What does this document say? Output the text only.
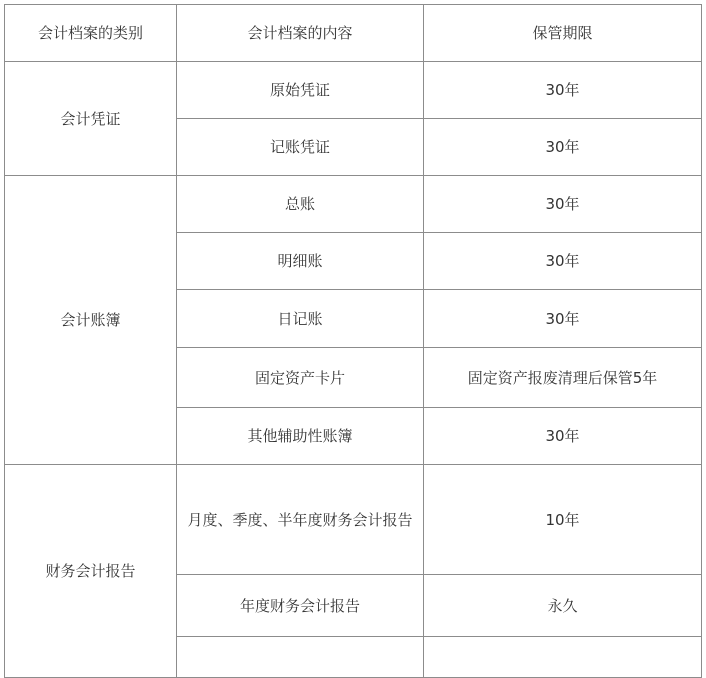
会计档案的类别	会计档案的内容	保管期限
会计凭证	原始凭证	30年
	记账凭证	30年
会计账簿	总账	30年
	明细账	30年
	日记账	30年
	固定资产卡片	固定资产报废清理后保管5年
	其他辅助性账簿	30年
财务会计报告	月度、季度、半年度财务会计报告	10年
	年度财务会计报告	永久
